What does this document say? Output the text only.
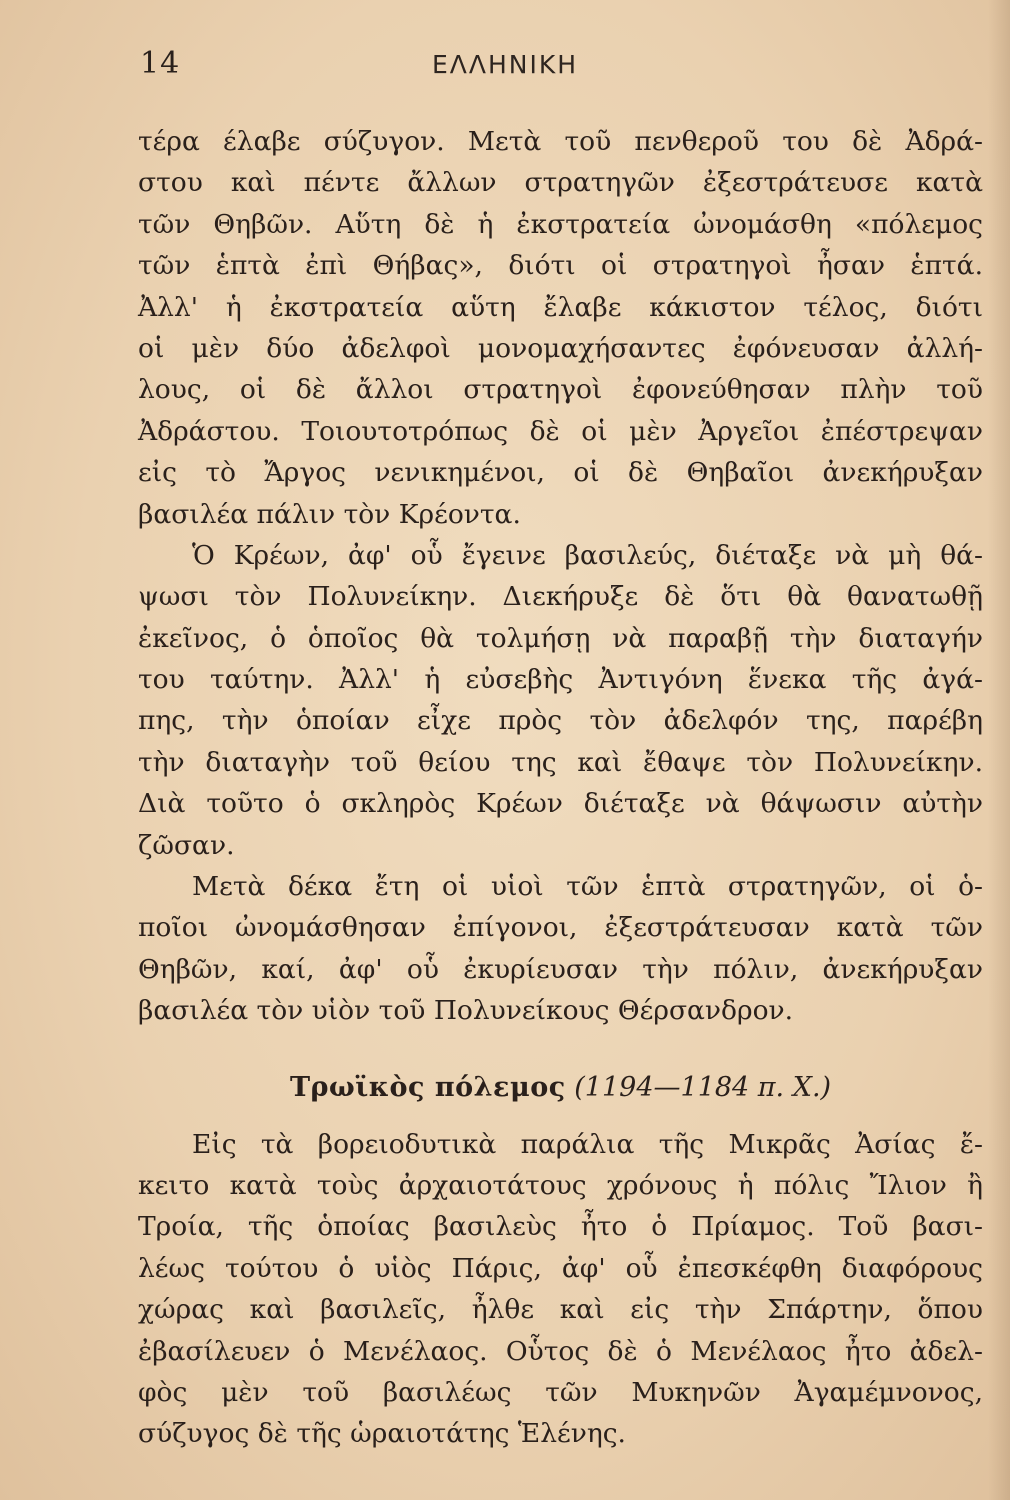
14	ΕΛΛΗΝΙΚΗ
τέρα έλαβε σύζυγον. Μετὰ τοῦ πενθεροῦ του δὲ Ἀδρά-
στου καὶ πέντε ἄλλων στρατηγῶν ἐξεστράτευσε κατὰ
τῶν Θηβῶν. Αὕτη δὲ ἡ ἐκστρατεία ὠνομάσθη «πόλεμος
τῶν ἑπτὰ ἐπὶ Θήβας», διότι οἱ στρατηγοὶ ἦσαν ἑπτά.
Ἀλλ' ἡ ἐκστρατεία αὕτη ἔλαβε κάκιστον τέλος, διότι
οἱ μὲν δύο ἀδελφοὶ μονομαχήσαντες ἐφόνευσαν ἀλλή-
λους, οἱ δὲ ἄλλοι στρατηγοὶ ἐφονεύθησαν πλὴν τοῦ
Ἀδράστου. Τοιουτοτρόπως δὲ οἱ μὲν Ἀργεῖοι ἐπέστρεψαν
εἰς τὸ Ἄργος νενικημένοι, οἱ δὲ Θηβαῖοι ἀνεκήρυξαν
βασιλέα πάλιν τὸν Κρέοντα.
Ὁ Κρέων, ἀφ' οὗ ἔγεινε βασιλεύς, διέταξε νὰ μὴ θά-
ψωσι τὸν Πολυνείκην. Διεκήρυξε δὲ ὅτι θὰ θανατωθῇ
ἐκεῖνος, ὁ ὁποῖος θὰ τολμήσῃ νὰ παραβῇ τὴν διαταγήν
του ταύτην. Ἀλλ' ἡ εὐσεβὴς Ἀντιγόνη ἕνεκα τῆς ἀγά-
πης, τὴν ὁποίαν εἶχε πρὸς τὸν ἀδελφόν της, παρέβη
τὴν διαταγὴν τοῦ θείου της καὶ ἔθαψε τὸν Πολυνείκην.
Διὰ τοῦτο ὁ σκληρὸς Κρέων διέταξε νὰ θάψωσιν αὐτὴν
ζῶσαν.
Μετὰ δέκα ἔτη οἱ υἱοὶ τῶν ἑπτὰ στρατηγῶν, οἱ ὁ-
ποῖοι ὠνομάσθησαν ἐπίγονοι, ἐξεστράτευσαν κατὰ τῶν
Θηβῶν, καί, ἀφ' οὗ ἐκυρίευσαν τὴν πόλιν, ἀνεκήρυξαν
βασιλέα τὸν υἱὸν τοῦ Πολυνείκους Θέρσανδρον.
Τρωϊκὸς πόλεμος (1194—1184 π. Χ.)
Εἰς τὰ βορειοδυτικὰ παράλια τῆς Μικρᾶς Ἀσίας ἔ-
κειτο κατὰ τοὺς ἀρχαιοτάτους χρόνους ἡ πόλις Ἴλιον ἢ
Τροία, τῆς ὁποίας βασιλεὺς ἦτο ὁ Πρίαμος. Τοῦ βασι-
λέως τούτου ὁ υἱὸς Πάρις, ἀφ' οὗ ἐπεσκέφθη διαφόρους
χώρας καὶ βασιλεῖς, ἦλθε καὶ εἰς τὴν Σπάρτην, ὅπου
ἐβασίλευεν ὁ Μενέλαος. Οὗτος δὲ ὁ Μενέλαος ἦτο ἀδελ-
φὸς μὲν τοῦ βασιλέως τῶν Μυκηνῶν Ἀγαμέμνονος,
σύζυγος δὲ τῆς ὡραιοτάτης Ἑλένης.
